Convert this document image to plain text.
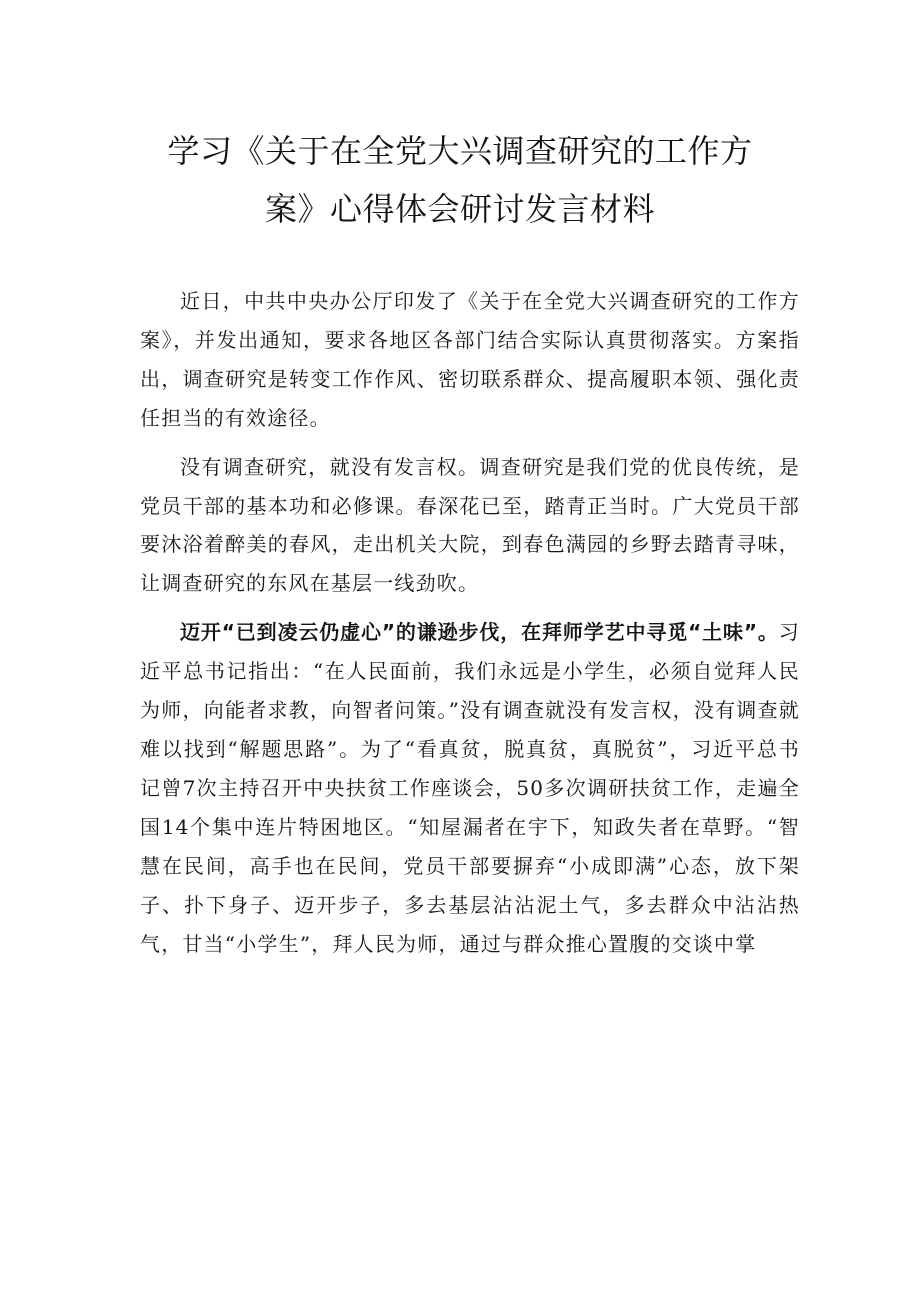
学习《关于在全党大兴调查研究的工作方
案》心得体会研讨发言材料

近日，中共中央办公厅印发了《关于在全党大兴调查研究的工作方案》，并发出通知，要求各地区各部门结合实际认真贯彻落实。方案指出，调查研究是转变工作作风、密切联系群众、提高履职本领、强化责任担当的有效途径。

没有调查研究，就没有发言权。调查研究是我们党的优良传统，是党员干部的基本功和必修课。春深花已至，踏青正当时。广大党员干部要沐浴着醉美的春风，走出机关大院，到春色满园的乡野去踏青寻味，让调查研究的东风在基层一线劲吹。

迈开“已到凌云仍虚心”的谦逊步伐，在拜师学艺中寻觅“土味”。习近平总书记指出：“在人民面前，我们永远是小学生，必须自觉拜人民为师，向能者求教，向智者问策。”没有调查就没有发言权，没有调查就难以找到“解题思路”。为了“看真贫，脱真贫，真脱贫”，习近平总书记曾7次主持召开中央扶贫工作座谈会，50多次调研扶贫工作，走遍全国14个集中连片特困地区。“知屋漏者在宇下，知政失者在草野。“智慧在民间，高手也在民间，党员干部要摒弃“小成即满”心态，放下架子、扑下身子、迈开步子，多去基层沾沾泥土气，多去群众中沾沾热气，甘当“小学生”，拜人民为师，通过与群众推心置腹的交谈中掌
